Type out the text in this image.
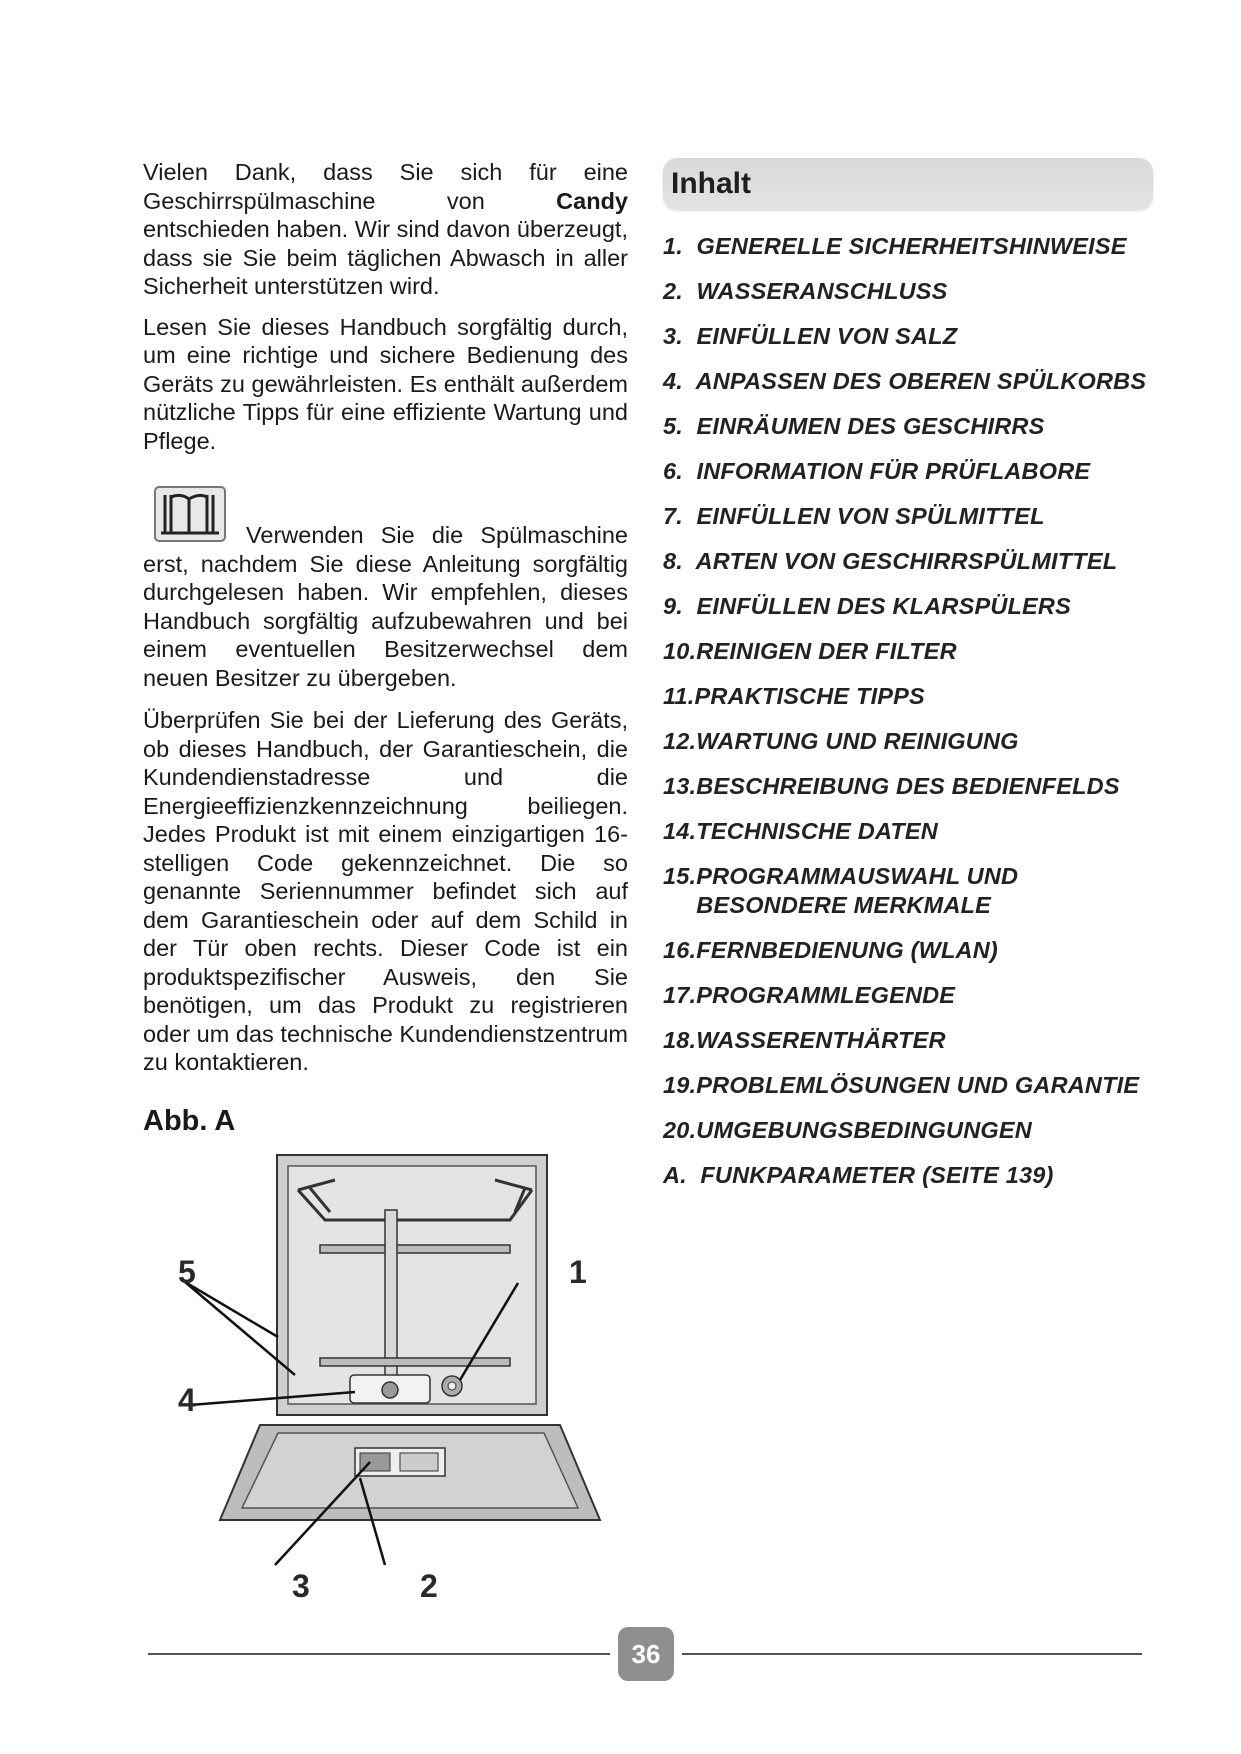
Vielen Dank, dass Sie sich für eine Geschirrspülmaschine von Candy entschieden haben. Wir sind davon überzeugt, dass sie Sie beim täglichen Abwasch in aller Sicherheit unterstützen wird.

Lesen Sie dieses Handbuch sorgfältig durch, um eine richtige und sichere Bedienung des Geräts zu gewährleisten. Es enthält außerdem nützliche Tipps für eine effiziente Wartung und Pflege.

Verwenden Sie die Spülmaschine erst, nachdem Sie diese Anleitung sorgfältig durchgelesen haben. Wir empfehlen, dieses Handbuch sorgfältig aufzubewahren und bei einem eventuellen Besitzerwechsel dem neuen Besitzer zu übergeben.

Überprüfen Sie bei der Lieferung des Geräts, ob dieses Handbuch, der Garantieschein, die Kundendienstadresse und die Energieeffizienzkennzeichnung beiliegen. Jedes Produkt ist mit einem einzigartigen 16-stelligen Code gekennzeichnet. Die so genannte Seriennummer befindet sich auf dem Garantieschein oder auf dem Schild in der Tür oben rechts. Dieser Code ist ein produktspezifischer Ausweis, den Sie benötigen, um das Produkt zu registrieren oder um das technische Kundendienstzentrum zu kontaktieren.

Abb. A
5	1
4
3	2
Inhalt
1. GENERELLE SICHERHEITSHINWEISE
2. WASSERANSCHLUSS
3. EINFÜLLEN VON SALZ
4. ANPASSEN DES OBEREN SPÜLKORBS
5. EINRÄUMEN DES GESCHIRRS
6. INFORMATION FÜR PRÜFLABORE
7. EINFÜLLEN VON SPÜLMITTEL
8. ARTEN VON GESCHIRRSPÜLMITTEL
9. EINFÜLLEN DES KLARSPÜLERS
10.REINIGEN DER FILTER
11.PRAKTISCHE TIPPS
12.WARTUNG UND REINIGUNG
13.BESCHREIBUNG DES BEDIENFELDS
14.TECHNISCHE DATEN
15.PROGRAMMAUSWAHL UND BESONDERE MERKMALE
16.FERNBEDIENUNG (WLAN)
17.PROGRAMMLEGENDE
18.WASSERENTHÄRTER
19.PROBLEMLÖSUNGEN UND GARANTIE
20.UMGEBUNGSBEDINGUNGEN
A. FUNKPARAMETER (SEITE 139)
36
